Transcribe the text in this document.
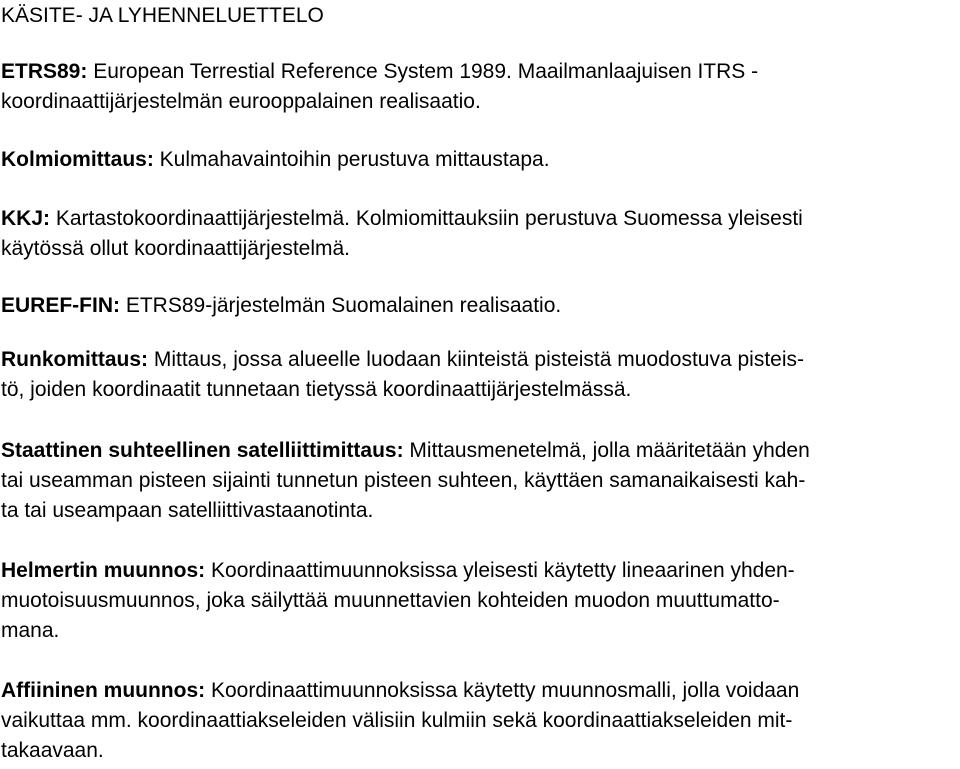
KÄSITE- JA LYHENNELUETTELO
ETRS89: European Terrestial Reference System 1989. Maailmanlaajuisen ITRS -
koordinaattijärjestelmän eurooppalainen realisaatio.
Kolmiomittaus: Kulmahavaintoihin perustuva mittaustapa.
KKJ: Kartastokoordinaattijärjestelmä. Kolmiomittauksiin perustuva Suomessa yleisesti
käytössä ollut koordinaattijärjestelmä.
EUREF-FIN: ETRS89-järjestelmän Suomalainen realisaatio.
Runkomittaus: Mittaus, jossa alueelle luodaan kiinteistä pisteistä muodostuva pisteis-
tö, joiden koordinaatit tunnetaan tietyssä koordinaattijärjestelmässä.
Staattinen suhteellinen satelliittimittaus: Mittausmenetelmä, jolla määritetään yhden
tai useamman pisteen sijainti tunnetun pisteen suhteen, käyttäen samanaikaisesti kah-
ta tai useampaan satelliittivastaanotinta.
Helmertin muunnos: Koordinaattimuunnoksissa yleisesti käytetty lineaarinen yhden-
muotoisuusmuunnos, joka säilyttää muunnettavien kohteiden muodon muuttumatto-
mana.
Affiininen muunnos: Koordinaattimuunnoksissa käytetty muunnosmalli, jolla voidaan
vaikuttaa mm. koordinaattiakseleiden välisiin kulmiin sekä koordinaattiakseleiden mit-
takaavaan.
